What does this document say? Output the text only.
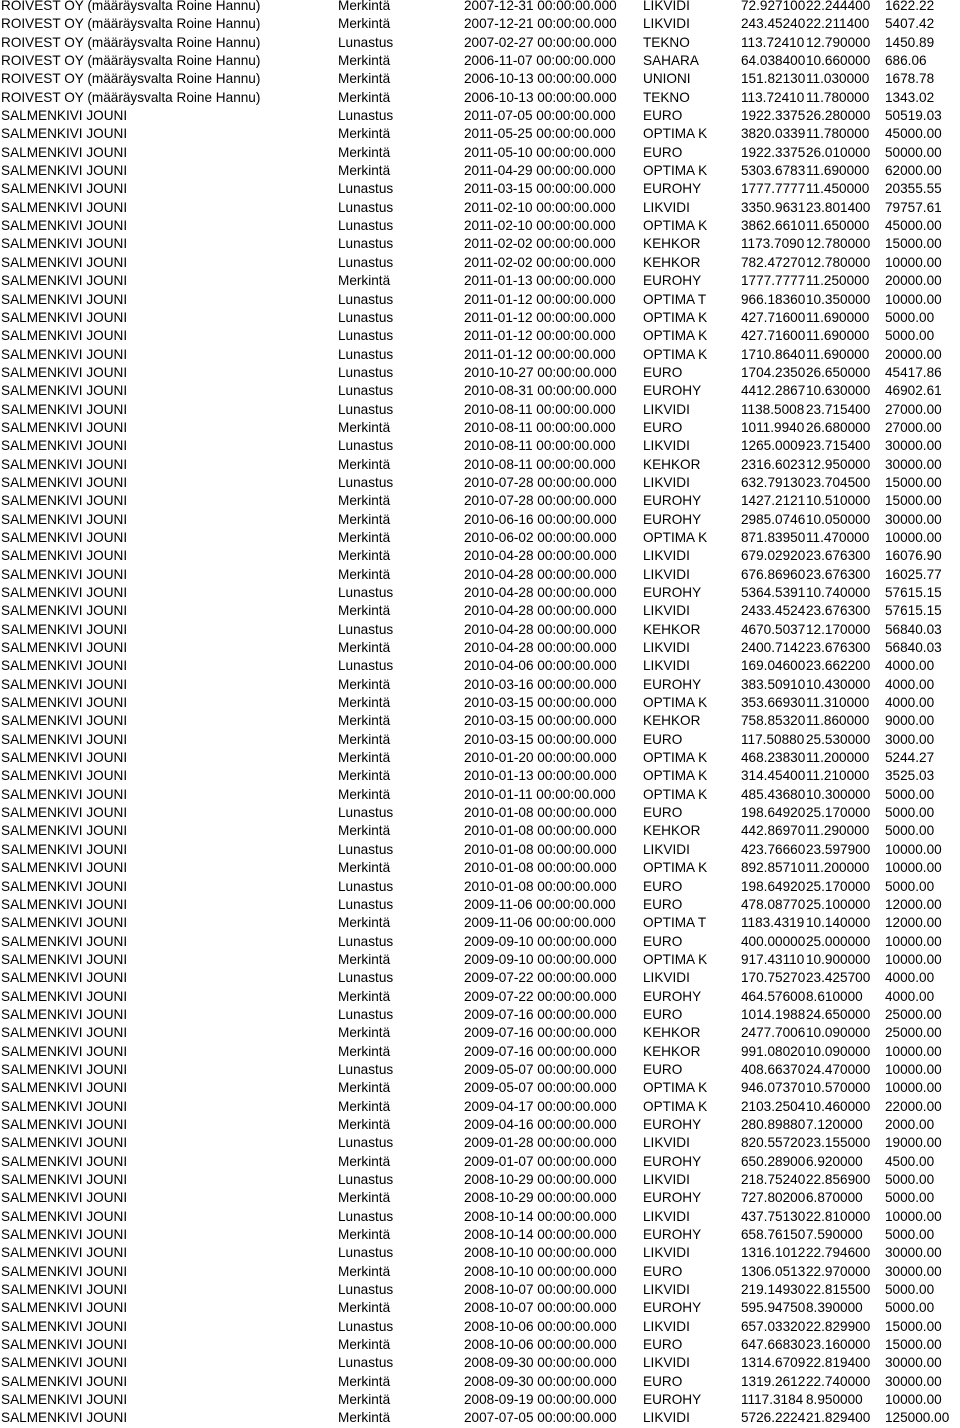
ROIVEST OY (määräysvalta Roine Hannu)	Merkintä	2007-12-31 00:00:00.000 LIKVIDI	72.927100 22.244400 1622.22
ROIVEST OY (määräysvalta Roine Hannu)	Merkintä	2007-12-21 00:00:00.000 LIKVIDI	243.45240 22.211400 5407.42
ROIVEST OY (määräysvalta Roine Hannu)	Lunastus	2007-02-27 00:00:00.000 TEKNO	113.72410 12.790000 1450.89
ROIVEST OY (määräysvalta Roine Hannu)	Merkintä	2006-11-07 00:00:00.000 SAHARA	64.038400 10.660000 686.06
ROIVEST OY (määräysvalta Roine Hannu)	Merkintä	2006-10-13 00:00:00.000 UNIONI	151.82130 11.030000 1678.78
ROIVEST OY (määräysvalta Roine Hannu)	Merkintä	2006-10-13 00:00:00.000 TEKNO	113.72410 11.780000 1343.02
SALMENKIVI JOUNI	Lunastus	2011-07-05 00:00:00.000 EURO	1922.3375 26.280000 50519.03
SALMENKIVI JOUNI	Merkintä	2011-05-25 00:00:00.000 OPTIMA K 3820.0339 11.780000 45000.00
SALMENKIVI JOUNI	Merkintä	2011-05-10 00:00:00.000 EURO	1922.3375 26.010000 50000.00
SALMENKIVI JOUNI	Merkintä	2011-04-29 00:00:00.000 OPTIMA K 5303.6783 11.690000 62000.00
SALMENKIVI JOUNI	Lunastus	2011-03-15 00:00:00.000 EUROHY	1777.7777 11.450000 20355.55
SALMENKIVI JOUNI	Lunastus	2011-02-10 00:00:00.000 LIKVIDI	3350.9631 23.801400 79757.61
SALMENKIVI JOUNI	Lunastus	2011-02-10 00:00:00.000 OPTIMA K 3862.6610 11.650000 45000.00
SALMENKIVI JOUNI	Lunastus	2011-02-02 00:00:00.000 KEHKOR	1173.7090 12.780000 15000.00
SALMENKIVI JOUNI	Lunastus	2011-02-02 00:00:00.000 KEHKOR	782.47270 12.780000 10000.00
SALMENKIVI JOUNI	Merkintä	2011-01-13 00:00:00.000 EUROHY	1777.7777 11.250000 20000.00
SALMENKIVI JOUNI	Lunastus	2011-01-12 00:00:00.000 OPTIMA T	966.18360 10.350000 10000.00
SALMENKIVI JOUNI	Lunastus	2011-01-12 00:00:00.000 OPTIMA K 427.71600 11.690000 5000.00
SALMENKIVI JOUNI	Lunastus	2011-01-12 00:00:00.000 OPTIMA K 427.71600 11.690000 5000.00
SALMENKIVI JOUNI	Lunastus	2011-01-12 00:00:00.000 OPTIMA K 1710.8640 11.690000 20000.00
SALMENKIVI JOUNI	Lunastus	2010-10-27 00:00:00.000 EURO	1704.2350 26.650000 45417.86
SALMENKIVI JOUNI	Lunastus	2010-08-31 00:00:00.000 EUROHY	4412.2867 10.630000 46902.61
SALMENKIVI JOUNI	Lunastus	2010-08-11 00:00:00.000 LIKVIDI	1138.5008 23.715400 27000.00
SALMENKIVI JOUNI	Merkintä	2010-08-11 00:00:00.000 EURO	1011.9940 26.680000 27000.00
SALMENKIVI JOUNI	Lunastus	2010-08-11 00:00:00.000 LIKVIDI	1265.0009 23.715400 30000.00
SALMENKIVI JOUNI	Merkintä	2010-08-11 00:00:00.000 KEHKOR	2316.6023 12.950000 30000.00
SALMENKIVI JOUNI	Lunastus	2010-07-28 00:00:00.000 LIKVIDI	632.79130 23.704500 15000.00
SALMENKIVI JOUNI	Merkintä	2010-07-28 00:00:00.000 EUROHY	1427.2121 10.510000 15000.00
SALMENKIVI JOUNI	Merkintä	2010-06-16 00:00:00.000 EUROHY	2985.0746 10.050000 30000.00
SALMENKIVI JOUNI	Merkintä	2010-06-02 00:00:00.000 OPTIMA K 871.83950 11.470000 10000.00
SALMENKIVI JOUNI	Merkintä	2010-04-28 00:00:00.000 LIKVIDI	679.02920 23.676300 16076.90
SALMENKIVI JOUNI	Merkintä	2010-04-28 00:00:00.000 LIKVIDI	676.86960 23.676300 16025.77
SALMENKIVI JOUNI	Lunastus	2010-04-28 00:00:00.000 EUROHY	5364.5391 10.740000 57615.15
SALMENKIVI JOUNI	Merkintä	2010-04-28 00:00:00.000 LIKVIDI	2433.4524 23.676300 57615.15
SALMENKIVI JOUNI	Lunastus	2010-04-28 00:00:00.000 KEHKOR	4670.5037 12.170000 56840.03
SALMENKIVI JOUNI	Merkintä	2010-04-28 00:00:00.000 LIKVIDI	2400.7142 23.676300 56840.03
SALMENKIVI JOUNI	Lunastus	2010-04-06 00:00:00.000 LIKVIDI	169.04600 23.662200 4000.00
SALMENKIVI JOUNI	Merkintä	2010-03-16 00:00:00.000 EUROHY	383.50910 10.430000 4000.00
SALMENKIVI JOUNI	Merkintä	2010-03-15 00:00:00.000 OPTIMA K 353.66930 11.310000 4000.00
SALMENKIVI JOUNI	Merkintä	2010-03-15 00:00:00.000 KEHKOR	758.85320 11.860000 9000.00
SALMENKIVI JOUNI	Merkintä	2010-03-15 00:00:00.000 EURO	117.50880 25.530000 3000.00
SALMENKIVI JOUNI	Merkintä	2010-01-20 00:00:00.000 OPTIMA K 468.23830 11.200000 5244.27
SALMENKIVI JOUNI	Merkintä	2010-01-13 00:00:00.000 OPTIMA K 314.45400 11.210000 3525.03
SALMENKIVI JOUNI	Merkintä	2010-01-11 00:00:00.000 OPTIMA K 485.43680 10.300000 5000.00
SALMENKIVI JOUNI	Lunastus	2010-01-08 00:00:00.000 EURO	198.64920 25.170000 5000.00
SALMENKIVI JOUNI	Merkintä	2010-01-08 00:00:00.000 KEHKOR	442.86970 11.290000 5000.00
SALMENKIVI JOUNI	Lunastus	2010-01-08 00:00:00.000 LIKVIDI	423.76660 23.597900 10000.00
SALMENKIVI JOUNI	Merkintä	2010-01-08 00:00:00.000 OPTIMA K 892.85710 11.200000 10000.00
SALMENKIVI JOUNI	Lunastus	2010-01-08 00:00:00.000 EURO	198.64920 25.170000 5000.00
SALMENKIVI JOUNI	Lunastus	2009-11-06 00:00:00.000 EURO	478.08770 25.100000 12000.00
SALMENKIVI JOUNI	Merkintä	2009-11-06 00:00:00.000 OPTIMA T	1183.4319 10.140000 12000.00
SALMENKIVI JOUNI	Lunastus	2009-09-10 00:00:00.000 EURO	400.00000 25.000000 10000.00
SALMENKIVI JOUNI	Merkintä	2009-09-10 00:00:00.000 OPTIMA K 917.43110 10.900000 10000.00
SALMENKIVI JOUNI	Lunastus	2009-07-22 00:00:00.000 LIKVIDI	170.75270 23.425700 4000.00
SALMENKIVI JOUNI	Merkintä	2009-07-22 00:00:00.000 EUROHY	464.57600 8.610000 4000.00
SALMENKIVI JOUNI	Lunastus	2009-07-16 00:00:00.000 EURO	1014.1988 24.650000 25000.00
SALMENKIVI JOUNI	Merkintä	2009-07-16 00:00:00.000 KEHKOR	2477.7006 10.090000 25000.00
SALMENKIVI JOUNI	Merkintä	2009-07-16 00:00:00.000 KEHKOR	991.08020 10.090000 10000.00
SALMENKIVI JOUNI	Lunastus	2009-05-07 00:00:00.000 EURO	408.66370 24.470000 10000.00
SALMENKIVI JOUNI	Merkintä	2009-05-07 00:00:00.000 OPTIMA K 946.07370 10.570000 10000.00
SALMENKIVI JOUNI	Merkintä	2009-04-17 00:00:00.000 OPTIMA K 2103.2504 10.460000 22000.00
SALMENKIVI JOUNI	Merkintä	2009-04-16 00:00:00.000 EUROHY	280.89880 7.120000 2000.00
SALMENKIVI JOUNI	Lunastus	2009-01-28 00:00:00.000 LIKVIDI	820.55720 23.155000 19000.00
SALMENKIVI JOUNI	Merkintä	2009-01-07 00:00:00.000 EUROHY	650.28900 6.920000 4500.00
SALMENKIVI JOUNI	Lunastus	2008-10-29 00:00:00.000 LIKVIDI	218.75240 22.856900 5000.00
SALMENKIVI JOUNI	Merkintä	2008-10-29 00:00:00.000 EUROHY	727.80200 6.870000 5000.00
SALMENKIVI JOUNI	Lunastus	2008-10-14 00:00:00.000 LIKVIDI	437.75130 22.810000 10000.00
SALMENKIVI JOUNI	Merkintä	2008-10-14 00:00:00.000 EUROHY	658.76150 7.590000 5000.00
SALMENKIVI JOUNI	Lunastus	2008-10-10 00:00:00.000 LIKVIDI	1316.1012 22.794600 30000.00
SALMENKIVI JOUNI	Merkintä	2008-10-10 00:00:00.000 EURO	1306.0513 22.970000 30000.00
SALMENKIVI JOUNI	Lunastus	2008-10-07 00:00:00.000 LIKVIDI	219.14930 22.815500 5000.00
SALMENKIVI JOUNI	Merkintä	2008-10-07 00:00:00.000 EUROHY	595.94750 8.390000 5000.00
SALMENKIVI JOUNI	Lunastus	2008-10-06 00:00:00.000 LIKVIDI	657.03320 22.829900 15000.00
SALMENKIVI JOUNI	Merkintä	2008-10-06 00:00:00.000 EURO	647.66830 23.160000 15000.00
SALMENKIVI JOUNI	Lunastus	2008-09-30 00:00:00.000 LIKVIDI	1314.6709 22.819400 30000.00
SALMENKIVI JOUNI	Merkintä	2008-09-30 00:00:00.000 EURO	1319.2612 22.740000 30000.00
SALMENKIVI JOUNI	Merkintä	2008-09-19 00:00:00.000 EUROHY	1117.3184 8.950000 10000.00
SALMENKIVI JOUNI	Merkintä	2007-07-05 00:00:00.000 LIKVIDI	5726.2224 21.829400 125000.00
